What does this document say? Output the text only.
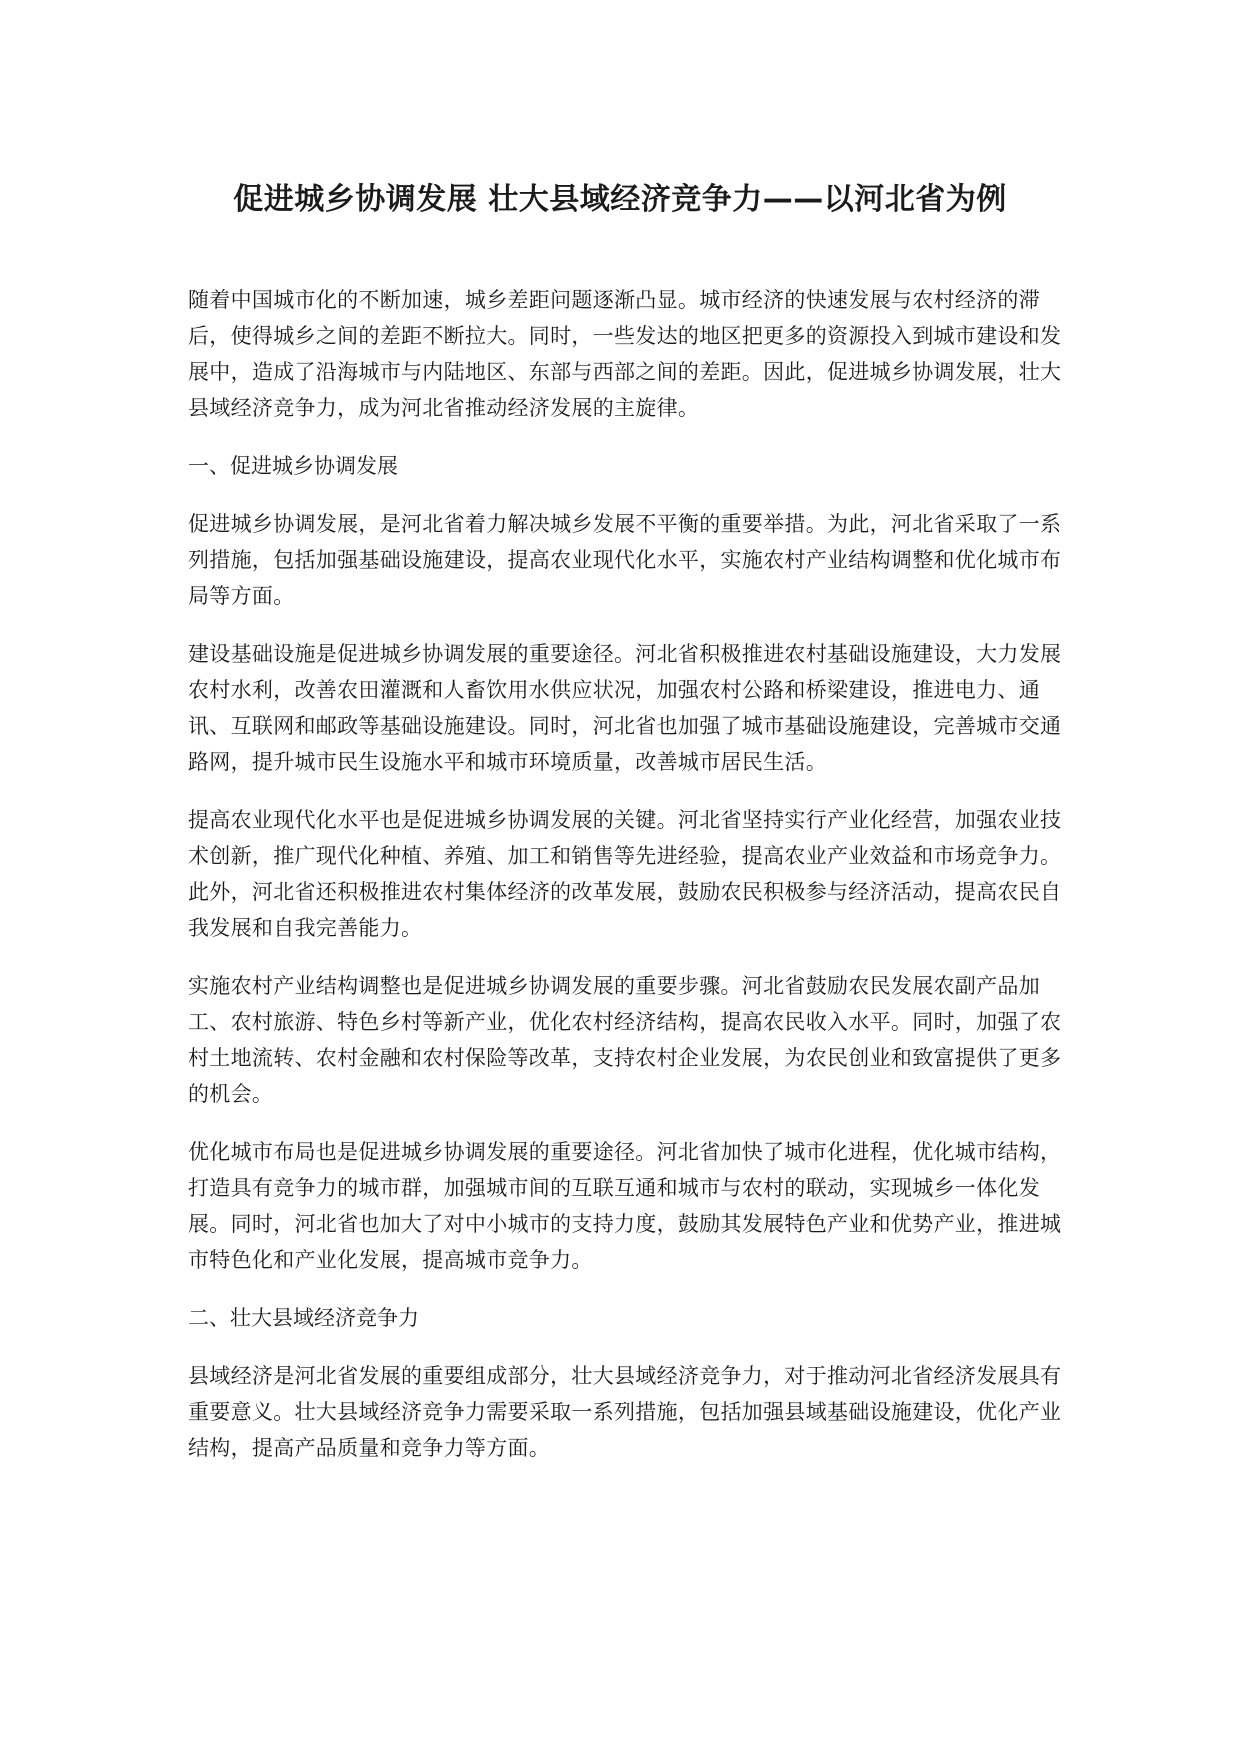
促进城乡协调发展 壮大县域经济竞争力——以河北省为例

随着中国城市化的不断加速，城乡差距问题逐渐凸显。城市经济的快速发展与农村经济的滞后，使得城乡之间的差距不断拉大。同时，一些发达的地区把更多的资源投入到城市建设和发展中，造成了沿海城市与内陆地区、东部与西部之间的差距。因此，促进城乡协调发展，壮大县域经济竞争力，成为河北省推动经济发展的主旋律。

一、促进城乡协调发展

促进城乡协调发展，是河北省着力解决城乡发展不平衡的重要举措。为此，河北省采取了一系列措施，包括加强基础设施建设，提高农业现代化水平，实施农村产业结构调整和优化城市布局等方面。

建设基础设施是促进城乡协调发展的重要途径。河北省积极推进农村基础设施建设，大力发展农村水利，改善农田灌溉和人畜饮用水供应状况，加强农村公路和桥梁建设，推进电力、通讯、互联网和邮政等基础设施建设。同时，河北省也加强了城市基础设施建设，完善城市交通路网，提升城市民生设施水平和城市环境质量，改善城市居民生活。

提高农业现代化水平也是促进城乡协调发展的关键。河北省坚持实行产业化经营，加强农业技术创新，推广现代化种植、养殖、加工和销售等先进经验，提高农业产业效益和市场竞争力。此外，河北省还积极推进农村集体经济的改革发展，鼓励农民积极参与经济活动，提高农民自我发展和自我完善能力。

实施农村产业结构调整也是促进城乡协调发展的重要步骤。河北省鼓励农民发展农副产品加工、农村旅游、特色乡村等新产业，优化农村经济结构，提高农民收入水平。同时，加强了农村土地流转、农村金融和农村保险等改革，支持农村企业发展，为农民创业和致富提供了更多的机会。

优化城市布局也是促进城乡协调发展的重要途径。河北省加快了城市化进程，优化城市结构，打造具有竞争力的城市群，加强城市间的互联互通和城市与农村的联动，实现城乡一体化发展。同时，河北省也加大了对中小城市的支持力度，鼓励其发展特色产业和优势产业，推进城市特色化和产业化发展，提高城市竞争力。

二、壮大县域经济竞争力

县域经济是河北省发展的重要组成部分，壮大县域经济竞争力，对于推动河北省经济发展具有重要意义。壮大县域经济竞争力需要采取一系列措施，包括加强县域基础设施建设，优化产业结构，提高产品质量和竞争力等方面。
